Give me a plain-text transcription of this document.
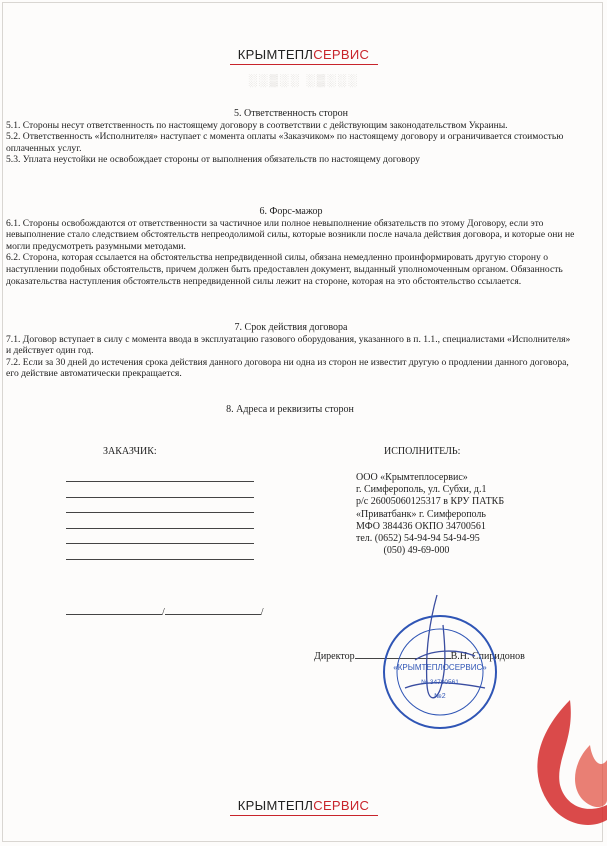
КРЫМТЕПЛСЕРВИС
░░▒░░ ░▒░░░

5. Ответственность сторон

5.1. Стороны несут ответственность по настоящему договору в соответствии с действующим законодательством Украины.

5.2. Ответственность «Исполнителя» наступает с момента оплаты «Заказчиком» по настоящему договору и ограничивается стоимостью оплаченных услуг.

5.3. Уплата неустойки не освобождает стороны от выполнения обязательств по настоящему договору

6. Форс-мажор

6.1. Стороны освобождаются от ответственности за частичное или полное невыполнение обязательств по этому Договору, если это невыполнение стало следствием обстоятельств непреодолимой силы, которые возникли после начала действия договора, и которые они не могли предусмотреть разумными методами.

6.2. Сторона, которая ссылается на обстоятельства непредвиденной силы, обязана немедленно проинформировать другую сторону о наступлении подобных обстоятельств, причем должен быть предоставлен документ, выданный уполномоченным органом. Обязанность доказательства наступления обстоятельств непредвиденной силы лежит на стороне, которая на это обстоятельство ссылается.

7. Срок действия договора

7.1. Договор вступает в силу с момента ввода в эксплуатацию газового оборудования, указанного в п. 1.1., специалистами «Исполнителя» и действует один год.

7.2. Если за 30 дней до истечения срока действия данного договора ни одна из сторон не известит другую о продлении данного договора, его действие автоматически прекращается.

8. Адреса и реквизиты сторон
ЗАКАЗЧИК:	ИСПОЛНИТЕЛЬ:
/	/

ООО «Крымтеплосервис»

г. Симферополь, ул. Субхи, д.1

р/с 26005060125317 в КРУ ПАТКБ

«Приватбанк» г. Симферополь

МФО 384436 ОКПО 34700561

тел. (0652) 54-94-94 54-94-95

(050) 49-69-000

Директор	В.Н. Спиридонов
«КРЫМТЕПЛОСЕРВИС»
№ 34700561
№2
КРЫМТЕПЛСЕРВИС
